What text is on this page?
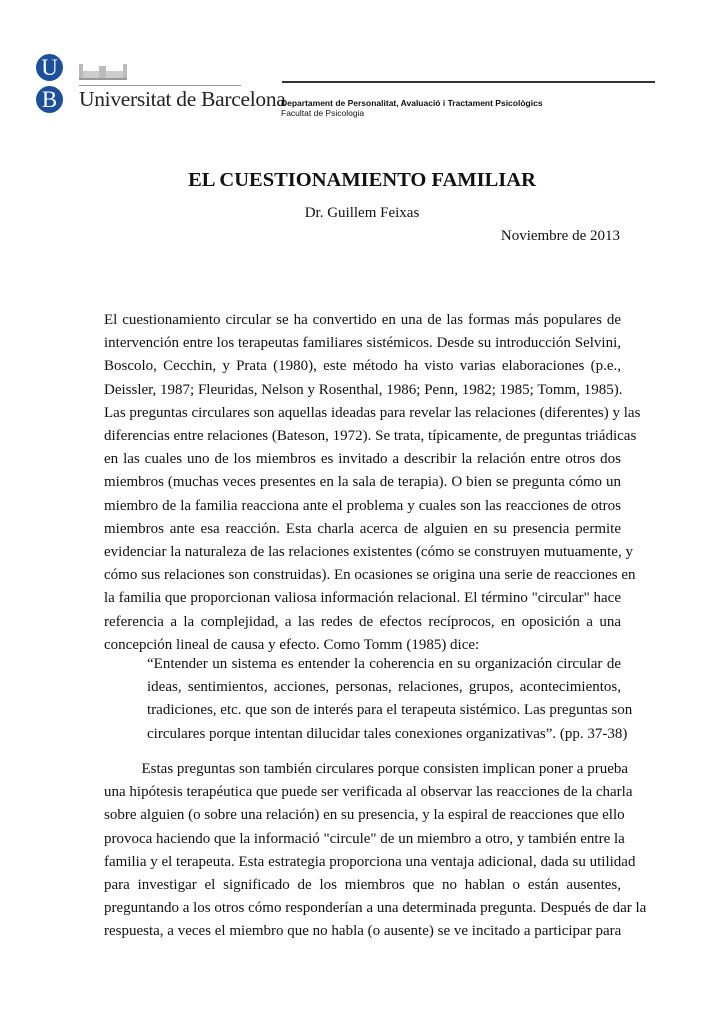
U
B Universitat de Barcelona
Departament de Personalitat, Avaluació i Tractament Psicològics
Facultat de Psicologia
EL CUESTIONAMIENTO FAMILIAR
Dr. Guillem Feixas
Noviembre de 2013
El cuestionamiento circular se ha convertido en una de las formas más populares de
intervención entre los terapeutas familiares sistémicos. Desde su introducción Selvini,
Boscolo, Cecchin, y Prata (1980), este método ha visto varias elaboraciones (p.e.,
Deissler, 1987; Fleuridas, Nelson y Rosenthal, 1986; Penn, 1982; 1985; Tomm, 1985).
Las preguntas circulares son aquellas ideadas para revelar las relaciones (diferentes) y las
diferencias entre relaciones (Bateson, 1972). Se trata, típicamente, de preguntas triádicas
en las cuales uno de los miembros es invitado a describir la relación entre otros dos
miembros (muchas veces presentes en la sala de terapia). O bien se pregunta cómo un
miembro de la familia reacciona ante el problema y cuales son las reacciones de otros
miembros ante esa reacción. Esta charla acerca de alguien en su presencia permite
evidenciar la naturaleza de las relaciones existentes (cómo se construyen mutuamente, y
cómo sus relaciones son construidas). En ocasiones se origina una serie de reacciones en
la familia que proporcionan valiosa información relacional. El término "circular" hace
referencia a la complejidad, a las redes de efectos recíprocos, en oposición a una
concepción lineal de causa y efecto. Como Tomm (1985) dice:
“Entender un sistema es entender la coherencia en su organización circular de
ideas, sentimientos, acciones, personas, relaciones, grupos, acontecimientos,
tradiciones, etc. que son de interés para el terapeuta sistémico. Las preguntas son
circulares porque intentan dilucidar tales conexiones organizativas”. (pp. 37-38)
Estas preguntas son también circulares porque consisten implican poner a prueba
una hipótesis terapéutica que puede ser verificada al observar las reacciones de la charla
sobre alguien (o sobre una relación) en su presencia, y la espiral de reacciones que ello
provoca haciendo que la informació "circule" de un miembro a otro, y también entre la
familia y el terapeuta. Esta estrategia proporciona una ventaja adicional, dada su utilidad
para investigar el significado de los miembros que no hablan o están ausentes,
preguntando a los otros cómo responderían a una determinada pregunta. Después de dar la
respuesta, a veces el miembro que no habla (o ausente) se ve incitado a participar para
